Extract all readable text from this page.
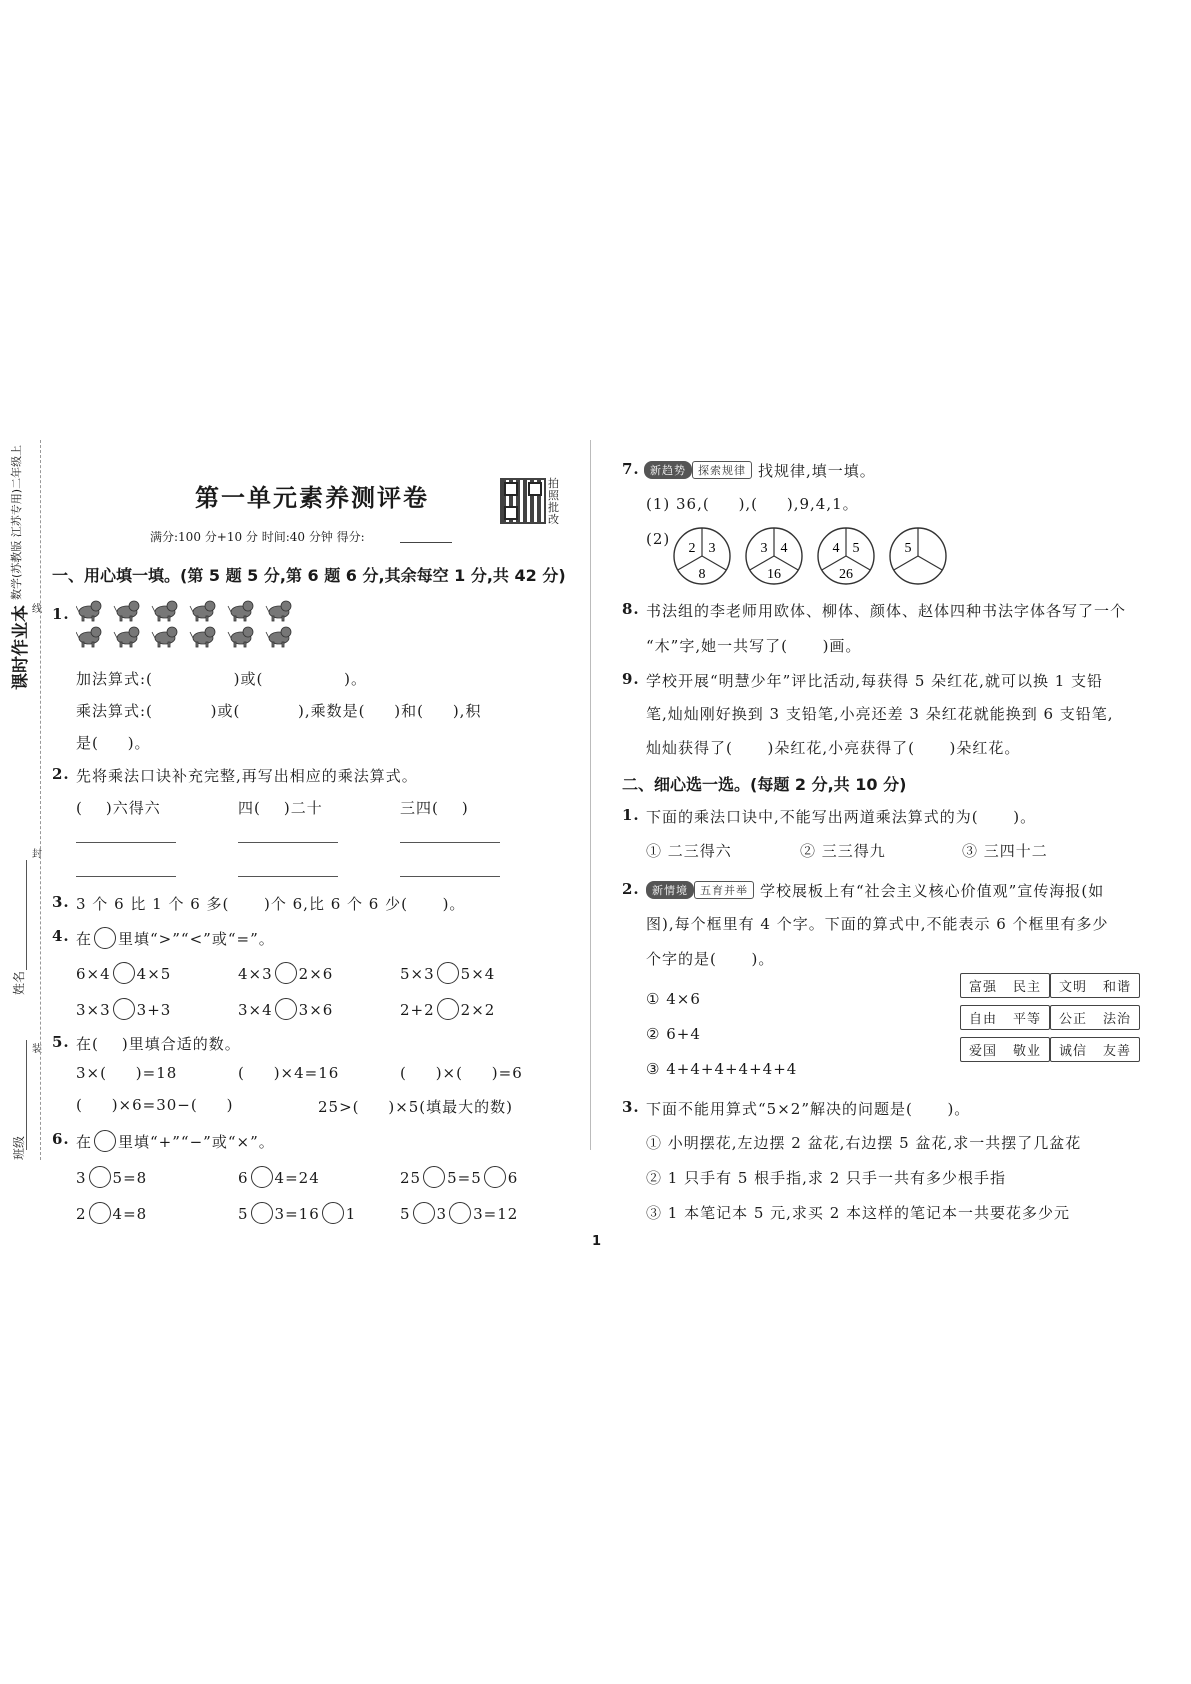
课时作业本
数学(苏教版 江苏专用)二年级上
线
封
装
姓名
班级
第一单元素养测评卷	拍照批改
满分:100 分+10 分 时间:40 分钟 得分:
一、用心填一填。(第 5 题 5 分,第 6 题 6 分,其余每空 1 分,共 42 分)
1.
加法算式:(              )或(              )。
乘法算式:(          )或(          ),乘数是(     )和(     ),积
是(     )。
2. 先将乘法口诀补充完整,再写出相应的乘法算式。
(    )六得六	四(    )二十	三四(    )
3. 3 个 6 比 1 个 6 多(      )个 6,比 6 个 6 少(      )。
4. 在 里填“>”“<”或“=”。
6×4 4×5	4×3 2×6	5×3 5×4
3×3 3+3	3×4 3×6	2+2 2×2
5. 在(    )里填合适的数。
3×(     )=18	(     )×4=16	(     )×(     )=6
(     )×6=30−(     )	25>(     )×5(填最大的数)
6. 在 里填“+”“−”或“×”。
3 5=8	6 4=24	25 5=5 6
2 4=8	5 3=16 1	5 3 3=12
7. 新趋势 探索规律 找规律,填一填。
(1) 36,(     ),(     ),9,4,1。
(2)
2 3
8
3 4
16
4 5
26
5
8. 书法组的李老师用欧体、柳体、颜体、赵体四种书法字体各写了一个
“木”字,她一共写了(      )画。
9. 学校开展“明慧少年”评比活动,每获得 5 朵红花,就可以换 1 支铅
笔,灿灿刚好换到 3 支铅笔,小亮还差 3 朵红花就能换到 6 支铅笔,
灿灿获得了(      )朵红花,小亮获得了(      )朵红花。
二、细心选一选。(每题 2 分,共 10 分)
1. 下面的乘法口诀中,不能写出两道乘法算式的为(      )。
① 二三得六	② 三三得九	③ 三四十二
2.	新情境 五育并举 学校展板上有“社会主义核心价值观”宣传海报(如
图),每个框里有 4 个字。下面的算式中,不能表示 6 个框里有多少
个字的是(      )。
① 4×6
② 6+4
③ 4+4+4+4+4+4
富强 民主 文明 和谐
自由 平等 公正 法治
爱国 敬业 诚信 友善
3. 下面不能用算式“5×2”解决的问题是(      )。
① 小明摆花,左边摆 2 盆花,右边摆 5 盆花,求一共摆了几盆花
② 1 只手有 5 根手指,求 2 只手一共有多少根手指
③ 1 本笔记本 5 元,求买 2 本这样的笔记本一共要花多少元
1
